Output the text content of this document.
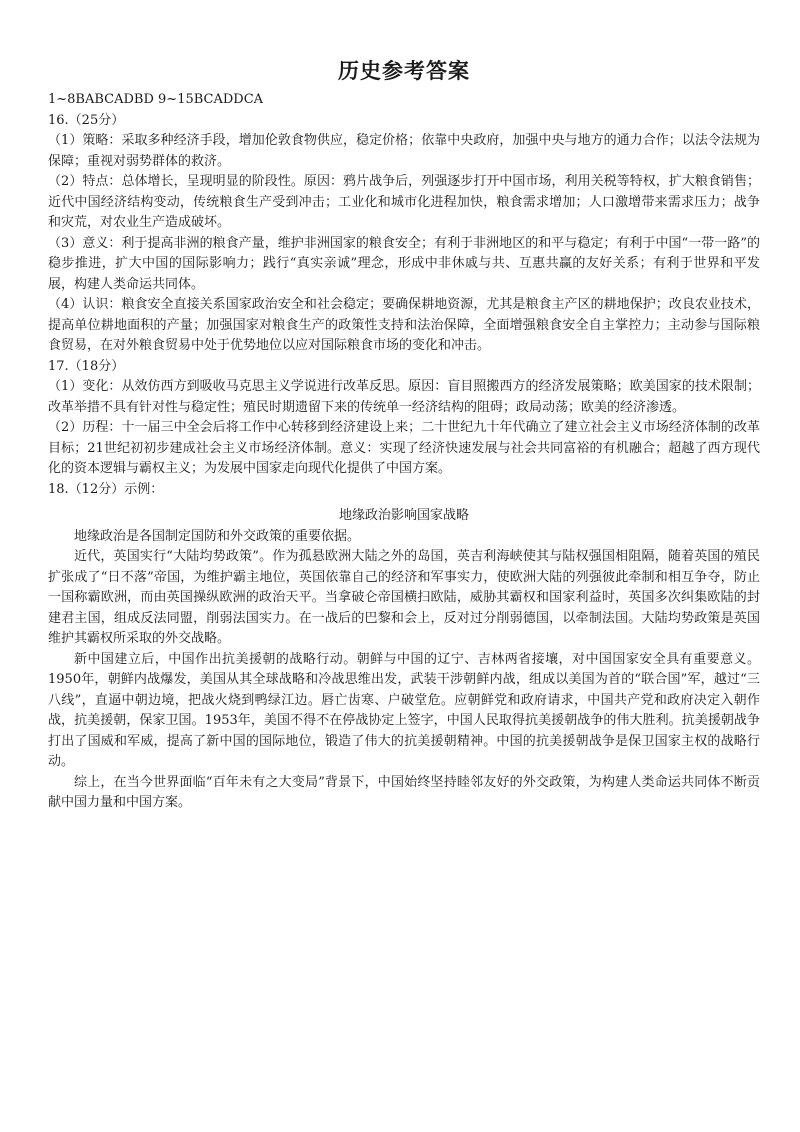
历史参考答案

1~8BABCADBD 9~15BCADDCA

16.（25分）

（1）策略：采取多种经济手段，增加伦敦食物供应，稳定价格；依靠中央政府，加强中央与地方的通力合作；以法令法规为保障；重视对弱势群体的救济。

（2）特点：总体增长，呈现明显的阶段性。原因：鸦片战争后，列强逐步打开中国市场，利用关税等特权，扩大粮食销售；近代中国经济结构变动，传统粮食生产受到冲击；工业化和城市化进程加快，粮食需求增加；人口激增带来需求压力；战争和灾荒，对农业生产造成破坏。

（3）意义：利于提高非洲的粮食产量，维护非洲国家的粮食安全；有利于非洲地区的和平与稳定；有利于中国“一带一路”的稳步推进，扩大中国的国际影响力；践行“真实亲诚”理念，形成中非休戚与共、互惠共赢的友好关系；有利于世界和平发展，构建人类命运共同体。

（4）认识：粮食安全直接关系国家政治安全和社会稳定；要确保耕地资源，尤其是粮食主产区的耕地保护；改良农业技术，提高单位耕地面积的产量；加强国家对粮食生产的政策性支持和法治保障，全面增强粮食安全自主掌控力；主动参与国际粮食贸易，在对外粮食贸易中处于优势地位以应对国际粮食市场的变化和冲击。

17.（18分）

（1）变化：从效仿西方到吸收马克思主义学说进行改革反思。原因：盲目照搬西方的经济发展策略；欧美国家的技术限制；改革举措不具有针对性与稳定性；殖民时期遗留下来的传统单一经济结构的阻碍；政局动荡；欧美的经济渗透。

（2）历程：十一届三中全会后将工作中心转移到经济建设上来；二十世纪九十年代确立了建立社会主义市场经济体制的改革目标；21世纪初初步建成社会主义市场经济体制。意义：实现了经济快速发展与社会共同富裕的有机融合；超越了西方现代化的资本逻辑与霸权主义；为发展中国家走向现代化提供了中国方案。

18.（12分）示例：

地缘政治影响国家战略

地缘政治是各国制定国防和外交政策的重要依据。

近代，英国实行“大陆均势政策”。作为孤悬欧洲大陆之外的岛国，英吉利海峡使其与陆权强国相阻隔，随着英国的殖民扩张成了“日不落”帝国，为维护霸主地位，英国依靠自己的经济和军事实力，使欧洲大陆的列强彼此牵制和相互争夺，防止一国称霸欧洲，而由英国操纵欧洲的政治天平。当拿破仑帝国横扫欧陆，威胁其霸权和国家利益时，英国多次纠集欧陆的封建君主国，组成反法同盟，削弱法国实力。在一战后的巴黎和会上，反对过分削弱德国，以牵制法国。大陆均势政策是英国维护其霸权所采取的外交战略。

新中国建立后，中国作出抗美援朝的战略行动。朝鲜与中国的辽宁、吉林两省接壤，对中国国家安全具有重要意义。1950年，朝鲜内战爆发，美国从其全球战略和冷战思维出发，武装干涉朝鲜内战，组成以美国为首的“联合国”军，越过“三八线”，直逼中朝边境，把战火烧到鸭绿江边。唇亡齿寒、户破堂危。应朝鲜党和政府请求，中国共产党和政府决定入朝作战，抗美援朝，保家卫国。1953年，美国不得不在停战协定上签字，中国人民取得抗美援朝战争的伟大胜利。抗美援朝战争打出了国威和军威，提高了新中国的国际地位，锻造了伟大的抗美援朝精神。中国的抗美援朝战争是保卫国家主权的战略行动。

综上，在当今世界面临“百年未有之大变局”背景下，中国始终坚持睦邻友好的外交政策，为构建人类命运共同体不断贡献中国力量和中国方案。
